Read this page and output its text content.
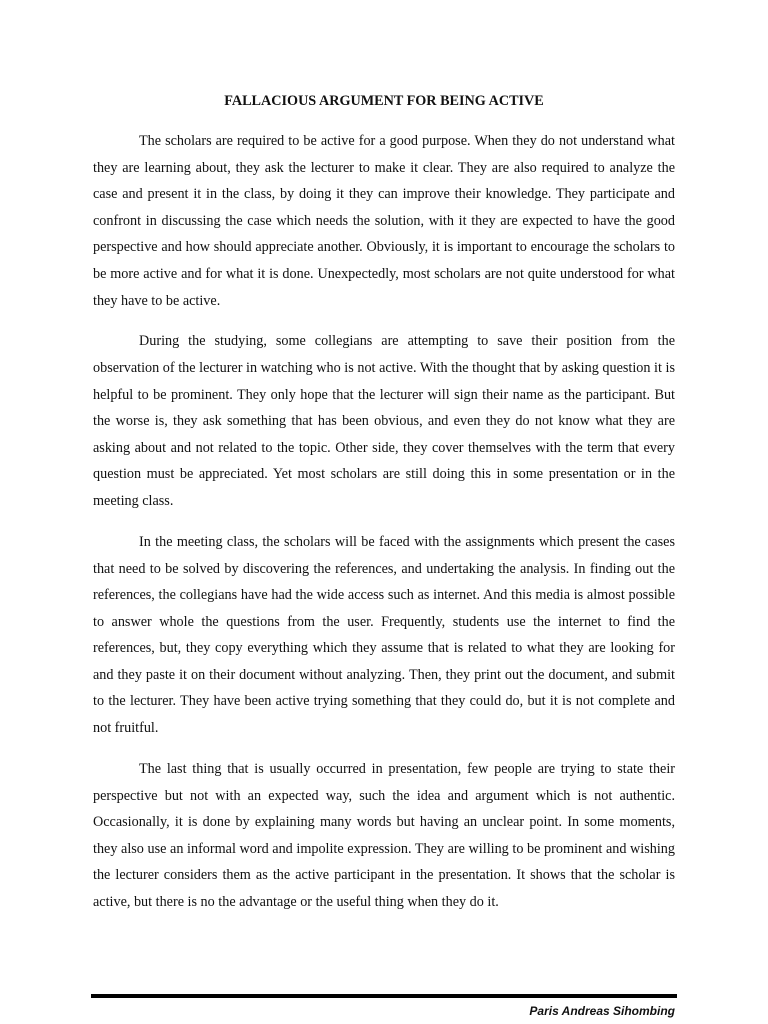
FALLACIOUS ARGUMENT FOR BEING ACTIVE

The scholars are required to be active for a good purpose. When they do not understand what they are learning about, they ask the lecturer to make it clear. They are also required to analyze the case and present it in the class, by doing it they can improve their knowledge. They participate and confront in discussing the case which needs the solution, with it they are expected to have the good perspective and how should appreciate another. Obviously, it is important to encourage the scholars to be more active and for what it is done. Unexpectedly, most scholars are not quite understood for what they have to be active.

During the studying, some collegians are attempting to save their position from the observation of the lecturer in watching who is not active. With the thought that by asking question it is helpful to be prominent. They only hope that the lecturer will sign their name as the participant. But the worse is, they ask something that has been obvious, and even they do not know what they are asking about and not related to the topic. Other side, they cover themselves with the term that every question must be appreciated. Yet most scholars are still doing this in some presentation or in the meeting class.

In the meeting class, the scholars will be faced with the assignments which present the cases that need to be solved by discovering the references, and undertaking the analysis. In finding out the references, the collegians have had the wide access such as internet. And this media is almost possible to answer whole the questions from the user. Frequently, students use the internet to find the references, but, they copy everything which they assume that is related to what they are looking for and they paste it on their document without analyzing. Then, they print out the document, and submit to the lecturer. They have been active trying something that they could do, but it is not complete and not fruitful.

The last thing that is usually occurred in presentation, few people are trying to state their perspective but not with an expected way, such the idea and argument which is not authentic. Occasionally, it is done by explaining many words but having an unclear point. In some moments, they also use an informal word and impolite expression. They are willing to be prominent and wishing the lecturer considers them as the active participant in the presentation. It shows that the scholar is active, but there is no the advantage or the useful thing when they do it.

Paris Andreas Sihombing
